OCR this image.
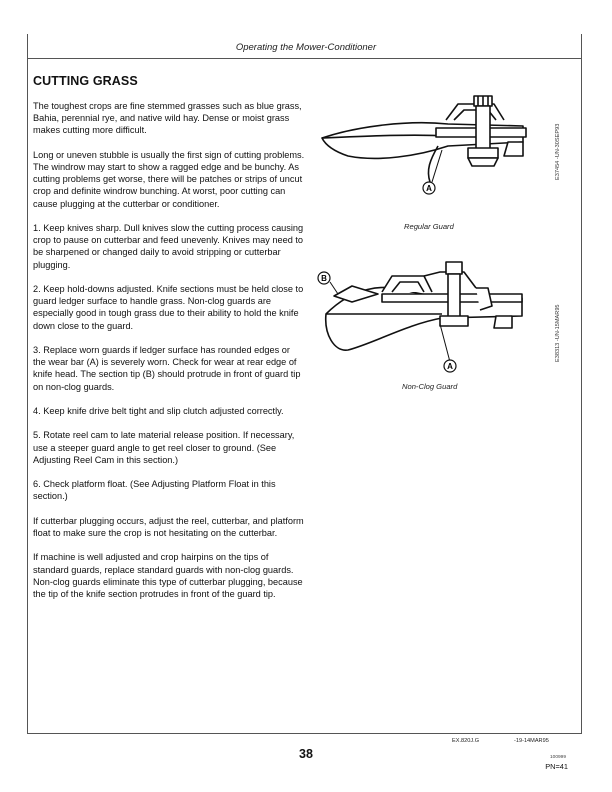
Operating the Mower-Conditioner
CUTTING GRASS

The toughest crops are fine stemmed grasses such as blue grass, Bahia, perennial rye, and native wild hay. Dense or moist grass makes cutting more difficult.

Long or uneven stubble is usually the first sign of cutting problems. The windrow may start to show a ragged edge and be bunchy. As cutting problems get worse, there will be patches or strips of uncut crop and definite windrow bunching. At worst, poor cutting can cause plugging at the cutterbar or conditioner.

1. Keep knives sharp. Dull knives slow the cutting process causing crop to pause on cutterbar and feed unevenly. Knives may need to be sharpened or changed daily to avoid stripping or cutterbar plugging.

2. Keep hold-downs adjusted. Knife sections must be held close to guard ledger surface to handle grass. Non-clog guards are especially good in tough grass due to their ability to hold the knife down close to the guard.

3. Replace worn guards if ledger surface has rounded edges or the wear bar (A) is severely worn. Check for wear at rear edge of knife head. The section tip (B) should protrude in front of guard tip on non-clog guards.

4. Keep knife drive belt tight and slip clutch adjusted correctly.

5. Rotate reel cam to late material release position. If necessary, use a steeper guard angle to get reel closer to ground. (See Adjusting Reel Cam in this section.)

6. Check platform float. (See Adjusting Platform Float in this section.)

If cutterbar plugging occurs, adjust the reel, cutterbar, and platform float to make sure the crop is not hesitating on the cutterbar.

If machine is well adjusted and crop hairpins on the tips of standard guards, replace standard guards with non-clog guards. Non-clog guards eliminate this type of cutterbar plugging, because the tip of the knife section protrudes in front of the guard tip.

A
Regular Guard
E37454 -UN-30SEP93
B
A
Non-Clog Guard
E38313 -UN-15MAR95
EX.820J.G	-19-14MAR95
38	100999
PN=41
